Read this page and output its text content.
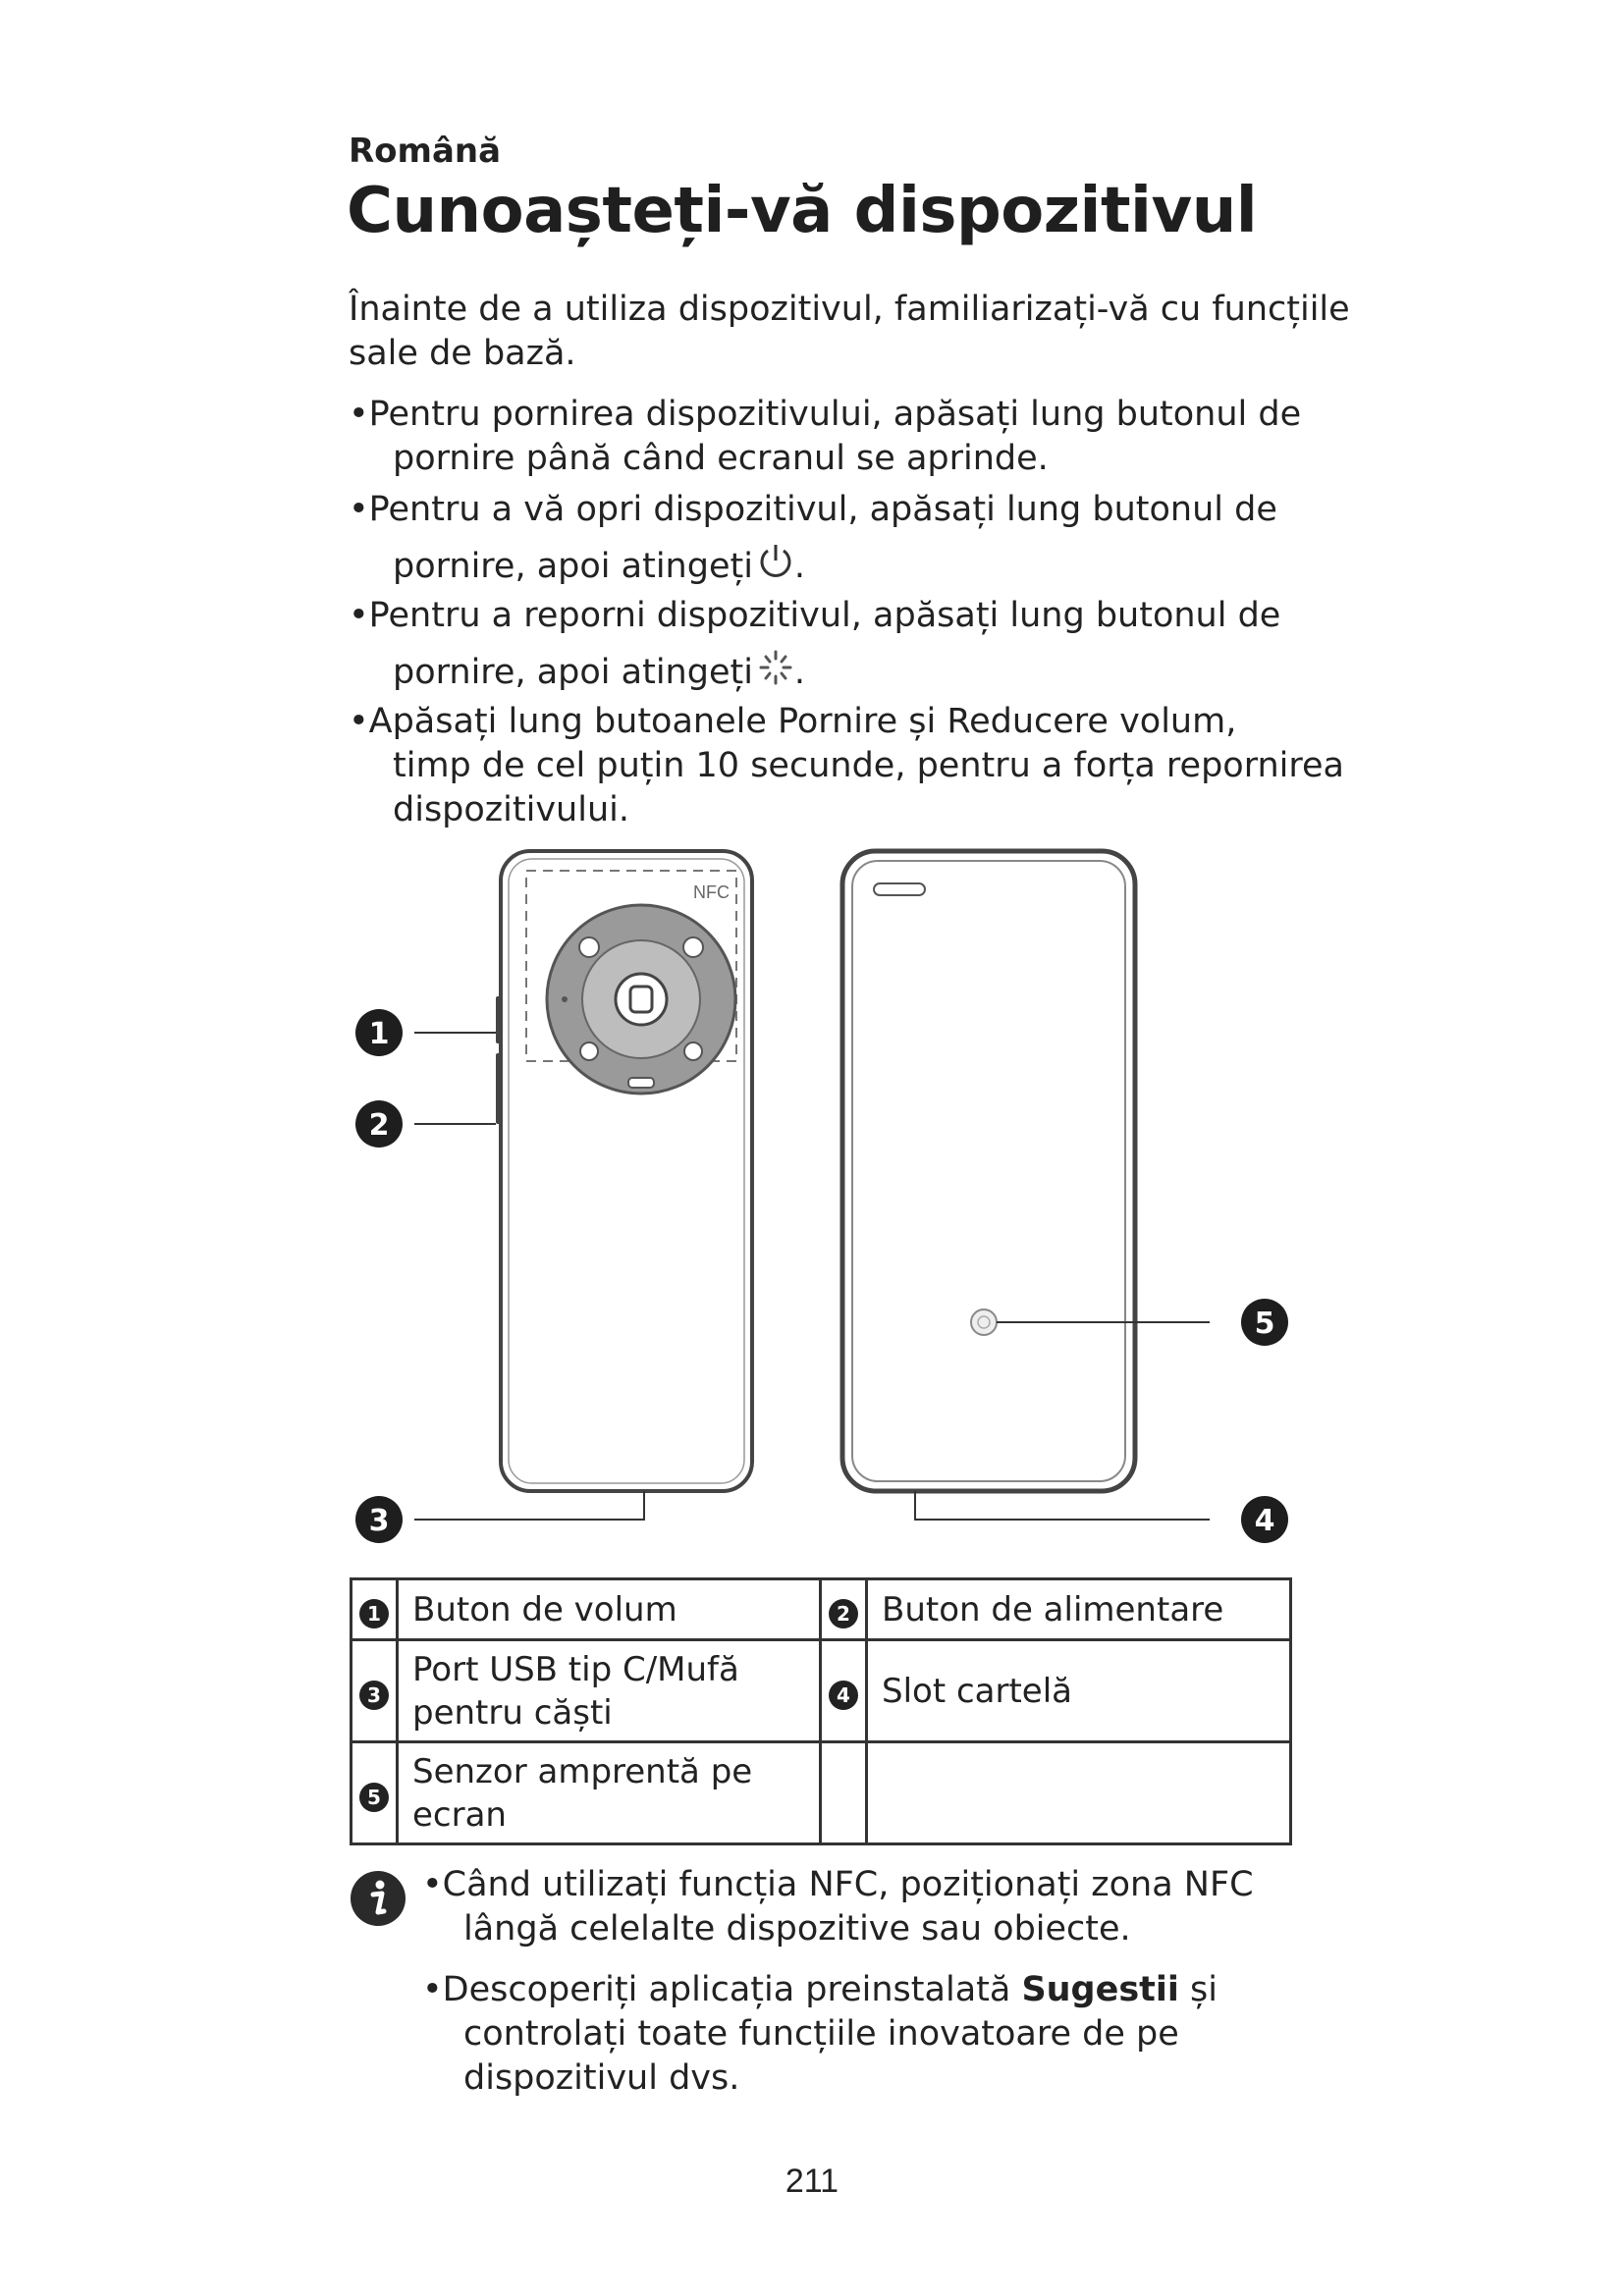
Română
Cunoașteți-vă dispozitivul
Înainte de a utiliza dispozitivul, familiarizați-vă cu funcțiile
sale de bază.
•Pentru pornirea dispozitivului, apăsați lung butonul de
pornire până când ecranul se aprinde.
•Pentru a vă opri dispozitivul, apăsați lung butonul de
pornire, apoi atingeți .
•Pentru a reporni dispozitivul, apăsați lung butonul de
pornire, apoi atingeți .
•Apăsați lung butoanele Pornire și Reducere volum,
timp de cel puțin 10 secunde, pentru a forța repornirea
dispozitivului.
NFC
1
2
3	4
5
1	Buton de volum	2	Buton de alimentare
3	Port USB tip C/Mufă
pentru căști	4	Slot cartelă
5	Senzor amprentă pe
ecran		

•Când utilizați funcția NFC, poziționați zona NFC
lângă celelalte dispozitive sau obiecte.
•Descoperiți aplicația preinstalată Sugestii și
controlați toate funcțiile inovatoare de pe
dispozitivul dvs.
211
